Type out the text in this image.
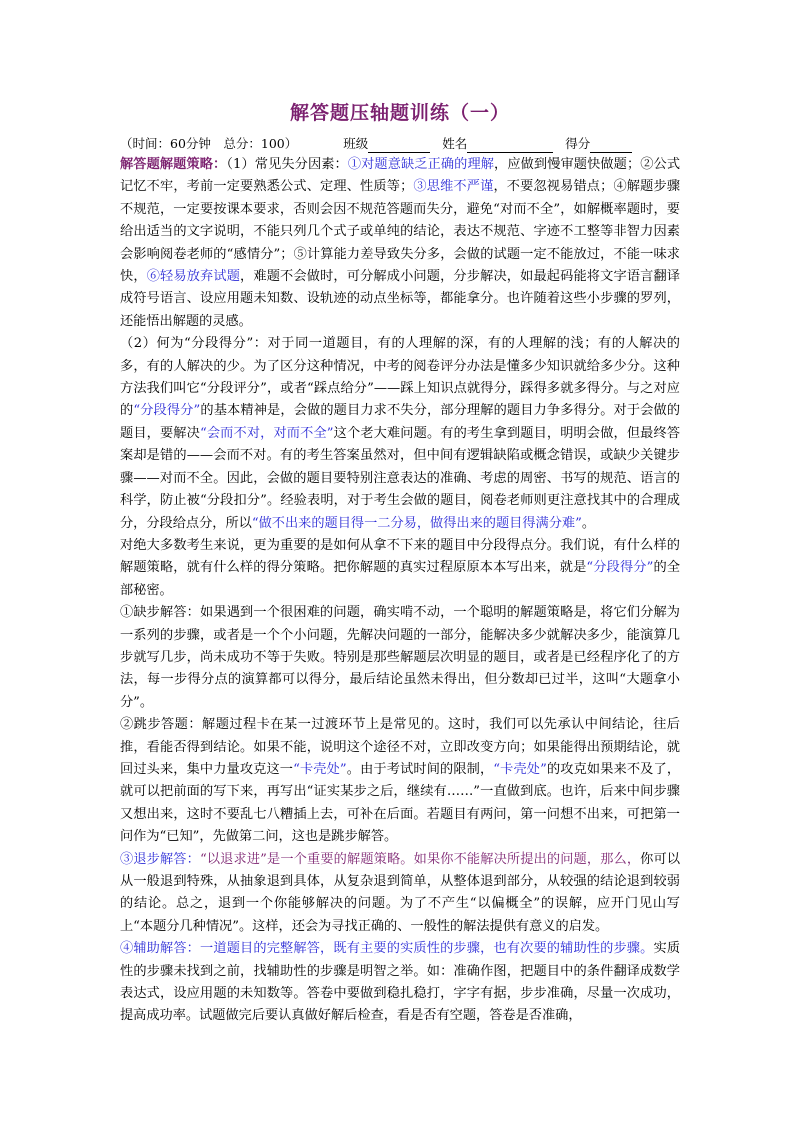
解答题压轴题训练（一）
（时间：60分钟　总分：100）	班级	姓名	得分

解答题解题策略：（1）常见失分因素：①对题意缺乏正确的理解，应做到慢审题快做题；②公式记忆不牢，考前一定要熟悉公式、定理、性质等；③思维不严谨，不要忽视易错点；④解题步骤不规范，一定要按课本要求，否则会因不规范答题而失分，避免“对而不全”，如解概率题时，要给出适当的文字说明，不能只列几个式子或单纯的结论，表达不规范、字迹不工整等非智力因素会影响阅卷老师的“感情分”；⑤计算能力差导致失分多，会做的试题一定不能放过，不能一味求快，⑥轻易放弃试题，难题不会做时，可分解成小问题，分步解决，如最起码能将文字语言翻译成符号语言、设应用题未知数、设轨迹的动点坐标等，都能拿分。也许随着这些小步骤的罗列，还能悟出解题的灵感。

（2）何为“分段得分”：对于同一道题目，有的人理解的深，有的人理解的浅；有的人解决的多，有的人解决的少。为了区分这种情况，中考的阅卷评分办法是懂多少知识就给多少分。这种方法我们叫它“分段评分”，或者“踩点给分”——踩上知识点就得分，踩得多就多得分。与之对应的“分段得分”的基本精神是，会做的题目力求不失分，部分理解的题目力争多得分。对于会做的题目，要解决“会而不对，对而不全”这个老大难问题。有的考生拿到题目，明明会做，但最终答案却是错的——会而不对。有的考生答案虽然对，但中间有逻辑缺陷或概念错误，或缺少关键步骤——对而不全。因此，会做的题目要特别注意表达的准确、考虑的周密、书写的规范、语言的科学，防止被“分段扣分”。经验表明，对于考生会做的题目，阅卷老师则更注意找其中的合理成分，分段给点分，所以“做不出来的题目得一二分易，做得出来的题目得满分难”。

对绝大多数考生来说，更为重要的是如何从拿不下来的题目中分段得点分。我们说，有什么样的解题策略，就有什么样的得分策略。把你解题的真实过程原原本本写出来，就是“分段得分”的全部秘密。

①缺步解答：如果遇到一个很困难的问题，确实啃不动，一个聪明的解题策略是，将它们分解为一系列的步骤，或者是一个个小问题，先解决问题的一部分，能解决多少就解决多少，能演算几步就写几步，尚未成功不等于失败。特别是那些解题层次明显的题目，或者是已经程序化了的方法，每一步得分点的演算都可以得分，最后结论虽然未得出，但分数却已过半，这叫“大题拿小分”。

②跳步答题：解题过程卡在某一过渡环节上是常见的。这时，我们可以先承认中间结论，往后推，看能否得到结论。如果不能，说明这个途径不对，立即改变方向；如果能得出预期结论，就回过头来，集中力量攻克这一“卡壳处”。由于考试时间的限制，“卡壳处”的攻克如果来不及了，就可以把前面的写下来，再写出“证实某步之后，继续有……”一直做到底。也许，后来中间步骤又想出来，这时不要乱七八糟插上去，可补在后面。若题目有两问，第一问想不出来，可把第一问作为“已知”，先做第二问，这也是跳步解答。

③退步解答：“以退求进”是一个重要的解题策略。如果你不能解决所提出的问题，那么，你可以从一般退到特殊，从抽象退到具体，从复杂退到简单，从整体退到部分，从较强的结论退到较弱的结论。总之，退到一个你能够解决的问题。为了不产生“以偏概全”的误解，应开门见山写上“本题分几种情况”。这样，还会为寻找正确的、一般性的解法提供有意义的启发。

④辅助解答：一道题目的完整解答，既有主要的实质性的步骤，也有次要的辅助性的步骤。实质性的步骤未找到之前，找辅助性的步骤是明智之举。如：准确作图，把题目中的条件翻译成数学表达式，设应用题的未知数等。答卷中要做到稳扎稳打，字字有据，步步准确，尽量一次成功，提高成功率。试题做完后要认真做好解后检查，看是否有空题，答卷是否准确，
